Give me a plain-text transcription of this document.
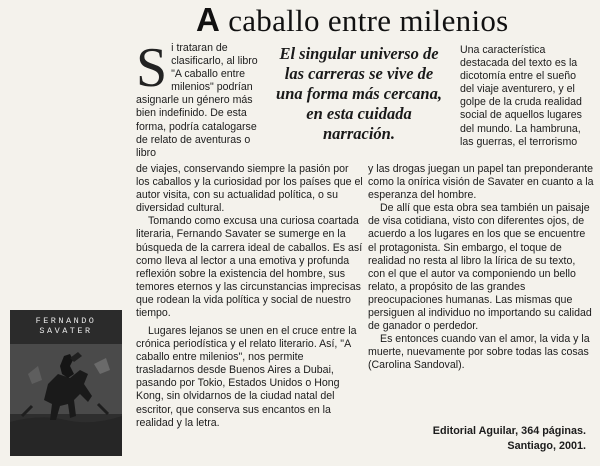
A caballo entre milenios
S i trataran de clasificarlo, al libro "A caballo entre milenios" podrían asignarle un género más bien indefinido. De esta forma, podría catalogarse de relato de aventuras o libro

El singular universo de las carreras se vive de una forma más cercana, en esta cuidada narración.

Una característica destacada del texto es la dicotomía entre el sueño del viaje aventurero, y el golpe de la cruda realidad social de aquellos lugares del mundo. La hambruna, las guerras, el terrorismo

de viajes, conservando siempre la pasión por los caballos y la curiosidad por los países que el autor visita, con su actualidad política, o su diversidad cultural.

Tomando como excusa una curiosa coartada literaria, Fernando Savater se sumerge en la búsqueda de la carrera ideal de caballos. Es así como lleva al lector a una emotiva y profunda reflexión sobre la existencia del hombre, sus temores eternos y las circunstancias imprecisas que rodean la vida política y social de nuestro tiempo.

Lugares lejanos se unen en el cruce entre la crónica periodística y el relato literario. Así, "A caballo entre milenios", nos permite trasladarnos desde Buenos Aires a Dubai, pasando por Tokio, Estados Unidos o Hong Kong, sin olvidarnos de la ciudad natal del escritor, que conserva sus encantos en la realidad y la letra.

y las drogas juegan un papel tan preponderante como la onírica visión de Savater en cuanto a la esperanza del hombre.

De allí que esta obra sea también un paisaje de visa cotidiana, visto con diferentes ojos, de acuerdo a los lugares en los que se encuentre el protagonista. Sin embargo, el toque de realidad no resta al libro la lírica de su texto, con el que el autor va componiendo un bello relato, a propósito de las grandes preocupaciones humanas. Las mismas que persiguen al individuo no importando su calidad de ganador o perdedor.

Es entonces cuando van el amor, la vida y la muerte, nuevamente por sobre todas las cosas (Carolina Sandoval).

Editorial Aguilar, 364 páginas.
Santiago, 2001.
FERNANDO
SAVATER
